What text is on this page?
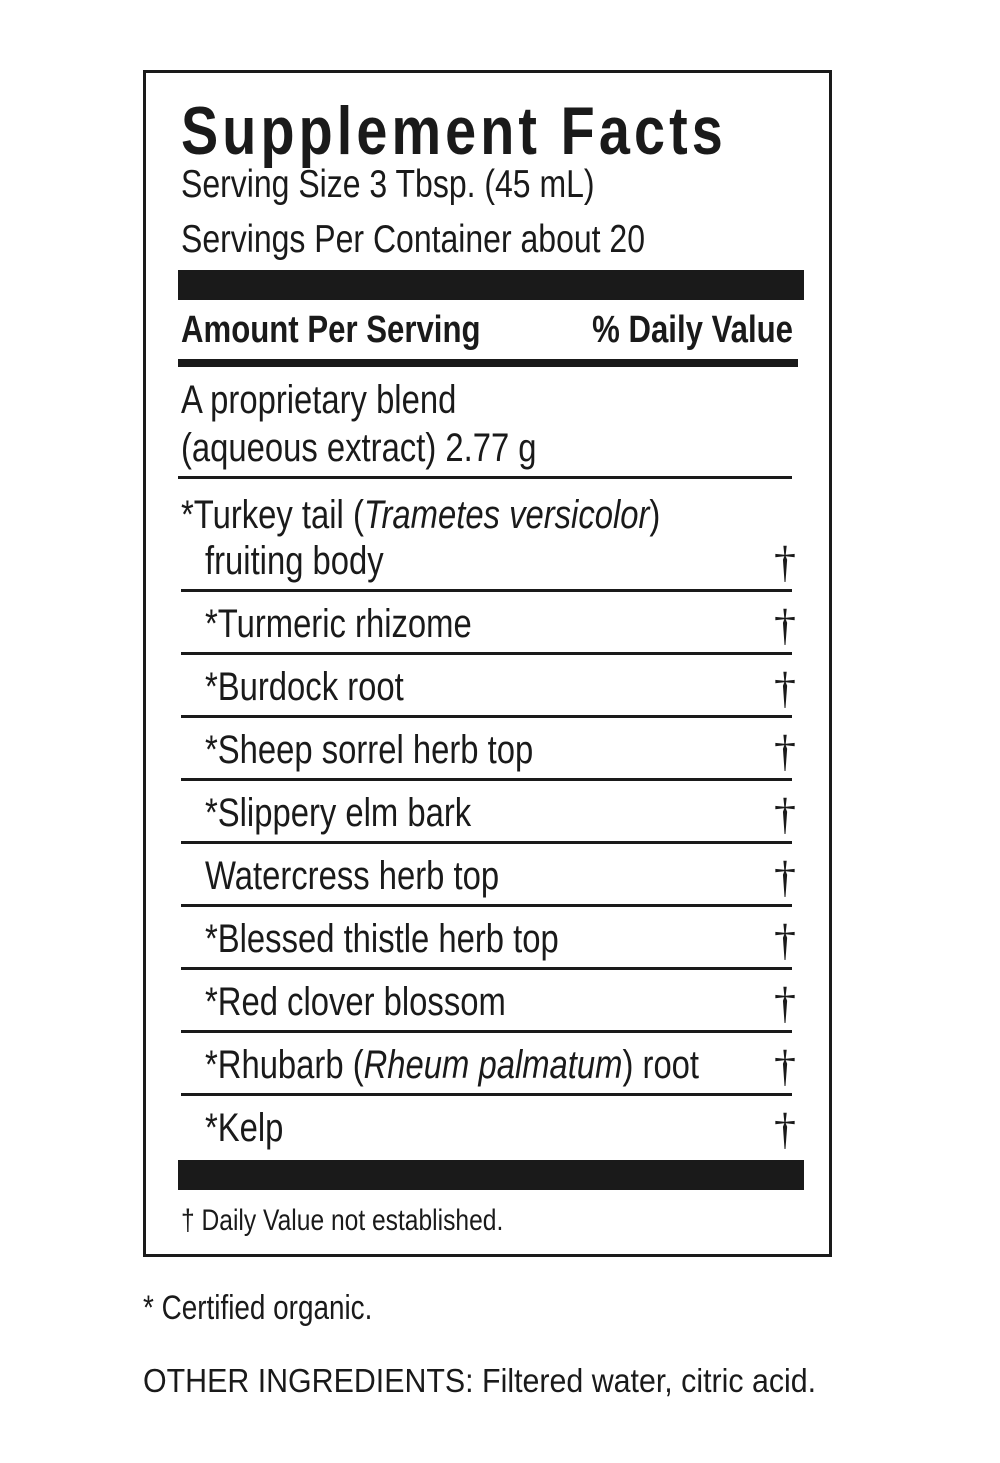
Supplement Facts
Serving Size 3 Tbsp. (45 mL)
Servings Per Container about 20
Amount Per Serving	% Daily Value
A proprietary blend
(aqueous extract) 2.77 g
*Turkey tail (Trametes versicolor)
fruiting body	†
*Turmeric rhizome	†
*Burdock root	†
*Sheep sorrel herb top	†
*Slippery elm bark	†
Watercress herb top	†
*Blessed thistle herb top	†
*Red clover blossom	†
*Rhubarb (Rheum palmatum) root	†
*Kelp	†
† Daily Value not established.
* Certified organic.
OTHER INGREDIENTS: Filtered water, citric acid.
